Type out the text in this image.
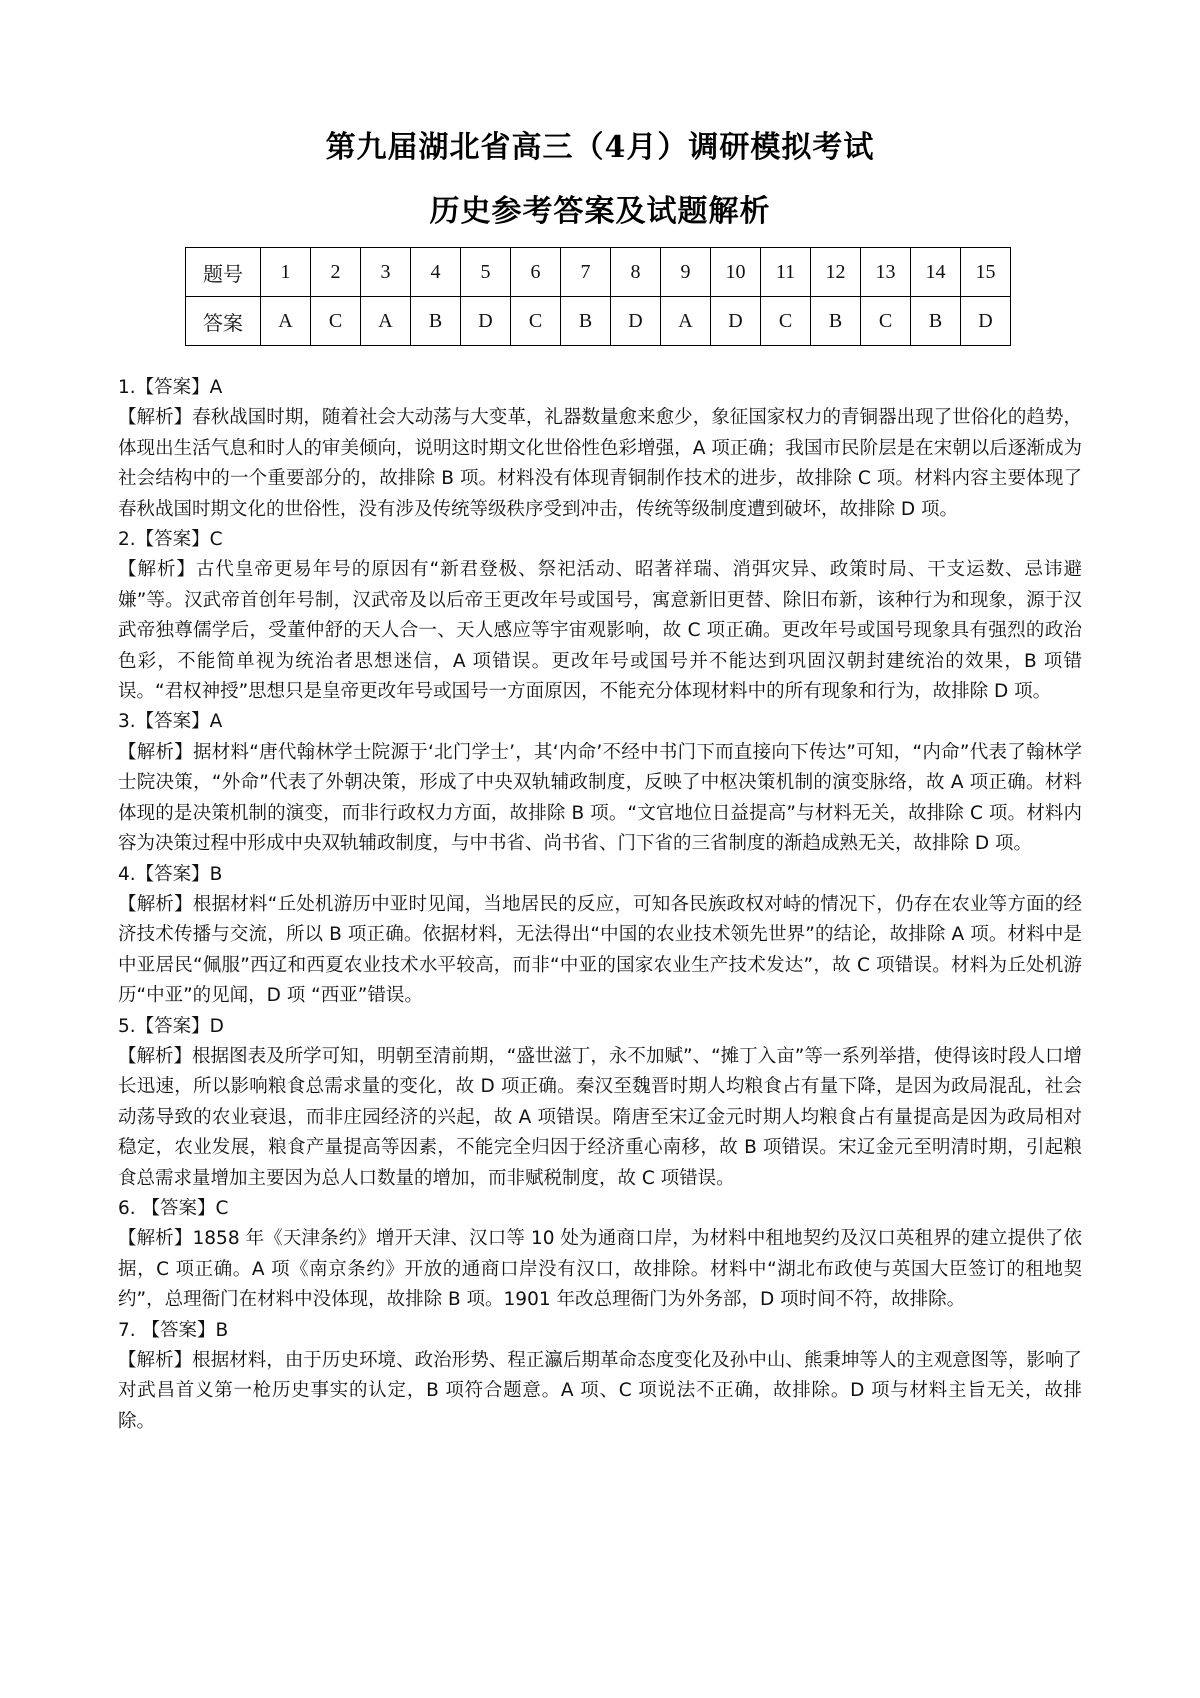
第九届湖北省高三（4月）调研模拟考试
历史参考答案及试题解析
题号	1	2	3	4	5	6	7	8	9	10	11	12	13	14	15
答案	A	C	A	B	D	C	B	D	A	D	C	B	C	B	D

1.【答案】A

【解析】春秋战国时期，随着社会大动荡与大变革，礼器数量愈来愈少，象征国家权力的青铜器出现了世俗化的趋势，体现出生活气息和时人的审美倾向，说明这时期文化世俗性色彩增强，A 项正确；我国市民阶层是在宋朝以后逐渐成为社会结构中的一个重要部分的，故排除 B 项。材料没有体现青铜制作技术的进步，故排除 C 项。材料内容主要体现了春秋战国时期文化的世俗性，没有涉及传统等级秩序受到冲击，传统等级制度遭到破坏，故排除 D 项。

2.【答案】C

【解析】古代皇帝更易年号的原因有“新君登极、祭祀活动、昭著祥瑞、消弭灾异、政策时局、干支运数、忌讳避嫌”等。汉武帝首创年号制，汉武帝及以后帝王更改年号或国号，寓意新旧更替、除旧布新，该种行为和现象，源于汉武帝独尊儒学后，受董仲舒的天人合一、天人感应等宇宙观影响，故 C 项正确。更改年号或国号现象具有强烈的政治色彩，不能简单视为统治者思想迷信，A 项错误。更改年号或国号并不能达到巩固汉朝封建统治的效果，B 项错误。“君权神授”思想只是皇帝更改年号或国号一方面原因，不能充分体现材料中的所有现象和行为，故排除 D 项。

3.【答案】A

【解析】据材料“唐代翰林学士院源于‘北门学士’，其‘内命’不经中书门下而直接向下传达”可知，“内命”代表了翰林学士院决策，“外命”代表了外朝决策，形成了中央双轨辅政制度，反映了中枢决策机制的演变脉络，故 A 项正确。材料体现的是决策机制的演变，而非行政权力方面，故排除 B 项。“文官地位日益提高”与材料无关，故排除 C 项。材料内容为决策过程中形成中央双轨辅政制度，与中书省、尚书省、门下省的三省制度的渐趋成熟无关，故排除 D 项。

4.【答案】B

【解析】根据材料“丘处机游历中亚时见闻，当地居民的反应，可知各民族政权对峙的情况下，仍存在农业等方面的经济技术传播与交流，所以 B 项正确。依据材料，无法得出“中国的农业技术领先世界”的结论，故排除 A 项。材料中是中亚居民“佩服”西辽和西夏农业技术水平较高，而非“中亚的国家农业生产技术发达”，故 C 项错误。材料为丘处机游历“中亚”的见闻，D 项 “西亚”错误。

5.【答案】D

【解析】根据图表及所学可知，明朝至清前期，“盛世滋丁，永不加赋”、“摊丁入亩”等一系列举措，使得该时段人口增长迅速，所以影响粮食总需求量的变化，故 D 项正确。秦汉至魏晋时期人均粮食占有量下降，是因为政局混乱，社会动荡导致的农业衰退，而非庄园经济的兴起，故 A 项错误。隋唐至宋辽金元时期人均粮食占有量提高是因为政局相对稳定，农业发展，粮食产量提高等因素，不能完全归因于经济重心南移，故 B 项错误。宋辽金元至明清时期，引起粮食总需求量增加主要因为总人口数量的增加，而非赋税制度，故 C 项错误。

6. 【答案】C

【解析】1858 年《天津条约》增开天津、汉口等 10 处为通商口岸，为材料中租地契约及汉口英租界的建立提供了依据，C 项正确。A 项《南京条约》开放的通商口岸没有汉口，故排除。材料中“湖北布政使与英国大臣签订的租地契约”，总理衙门在材料中没体现，故排除 B 项。1901 年改总理衙门为外务部，D 项时间不符，故排除。

7. 【答案】B

【解析】根据材料，由于历史环境、政治形势、程正瀛后期革命态度变化及孙中山、熊秉坤等人的主观意图等，影响了对武昌首义第一枪历史事实的认定，B 项符合题意。A 项、C 项说法不正确，故排除。D 项与材料主旨无关，故排除。
